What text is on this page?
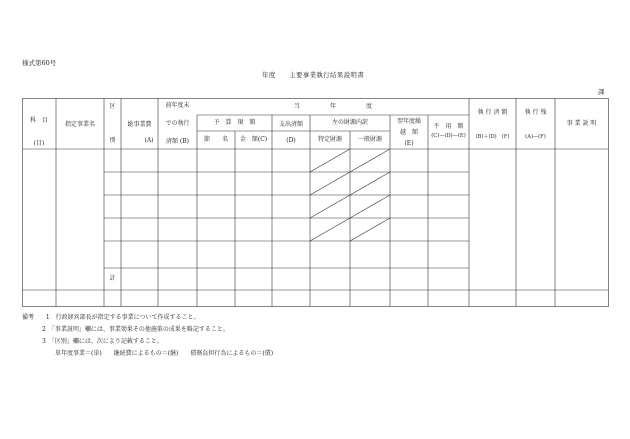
様式第60号
年度　　主要事業執行結果説明書
課
科　目
(目)
指定事業名
区
別
総事業費
(A)
前年度末
での執行
済額 (B)
当　　　　　年　　　　　度
予　算　現　額
節　　名	金　額(C)
支出済額
(D)
左の財源内訳
特定財源	一般財源
翌年度繰
越　額
(E)
不　用　額
(C)—(D)—(E)
執 行 済 額
(B)＋(D)　(F)
執 行 残
(A)—(F)
事 業 説 明
計
備考 1　行政経営部長が指定する事業について作成すること。
2　「事業説明」欄には、事業効果その他施策の成果を略記すること。
3　「区別」欄には、次により記載すること。
単年度事業＝(単)　　継続費によるもの＝(継)　　債務負担行為によるもの＝(債)
